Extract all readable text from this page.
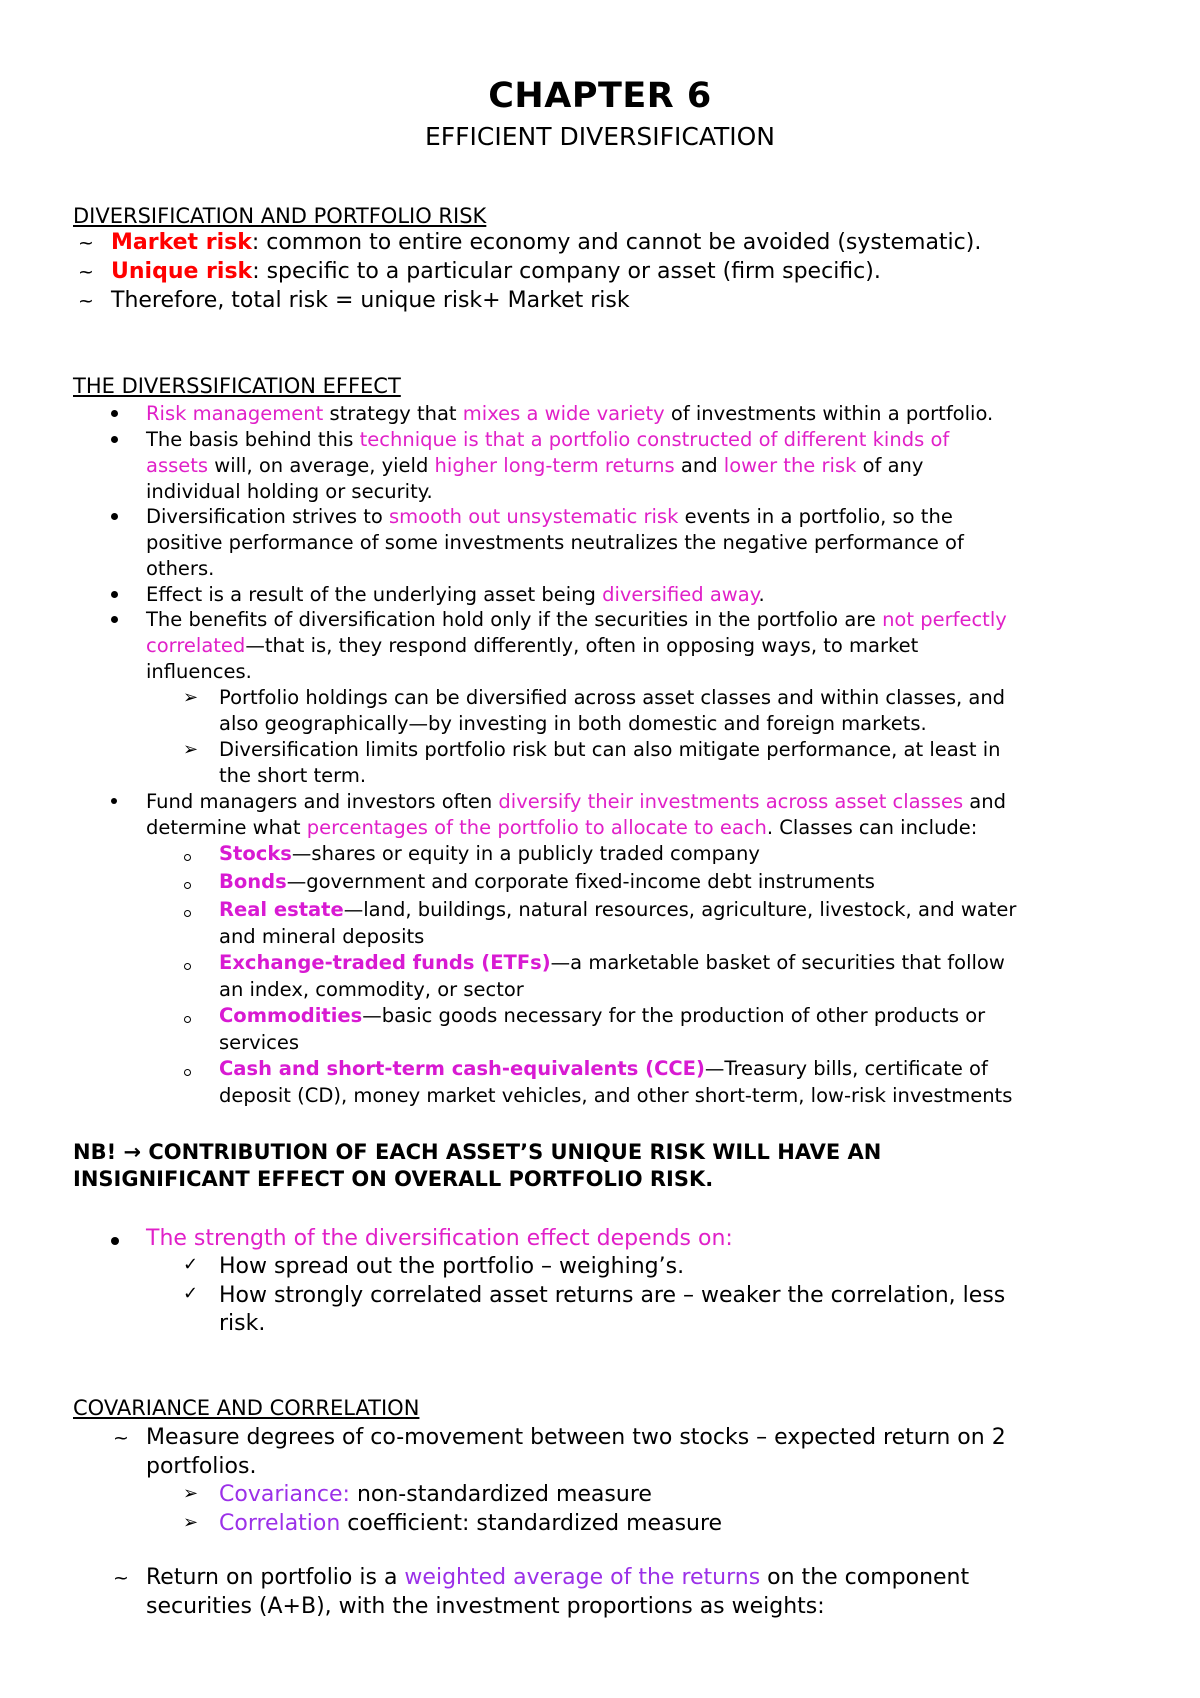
CHAPTER 6
EFFICIENT DIVERSIFICATION
DIVERSIFICATION AND PORTFOLIO RISK
~ Market risk: common to entire economy and cannot be avoided (systematic).
~ Unique risk: specific to a particular company or asset (firm specific).
~ Therefore, total risk = unique risk+ Market risk
THE DIVERSSIFICATION EFFECT
Risk management strategy that mixes a wide variety of investments within a portfolio.
The basis behind this technique is that a portfolio constructed of different kinds of
assets will, on average, yield higher long-term returns and lower the risk of any
individual holding or security.
Diversification strives to smooth out unsystematic risk events in a portfolio, so the
positive performance of some investments neutralizes the negative performance of
others.
Effect is a result of the underlying asset being diversified away.
The benefits of diversification hold only if the securities in the portfolio are not perfectly
correlated—that is, they respond differently, often in opposing ways, to market
influences.
➢ Portfolio holdings can be diversified across asset classes and within classes, and
also geographically—by investing in both domestic and foreign markets.
➢ Diversification limits portfolio risk but can also mitigate performance, at least in
the short term.
Fund managers and investors often diversify their investments across asset classes and
determine what percentages of the portfolio to allocate to each. Classes can include:
Stocks—shares or equity in a publicly traded company
Bonds—government and corporate fixed-income debt instruments
Real estate—land, buildings, natural resources, agriculture, livestock, and water
and mineral deposits
Exchange-traded funds (ETFs)—a marketable basket of securities that follow
an index, commodity, or sector
Commodities—basic goods necessary for the production of other products or
services
Cash and short-term cash-equivalents (CCE)—Treasury bills, certificate of
deposit (CD), money market vehicles, and other short-term, low-risk investments
NB! → CONTRIBUTION OF EACH ASSET’S UNIQUE RISK WILL HAVE AN
INSIGNIFICANT EFFECT ON OVERALL PORTFOLIO RISK.
The strength of the diversification effect depends on:
✓ How spread out the portfolio – weighing’s.
✓ How strongly correlated asset returns are – weaker the correlation, less
risk.
COVARIANCE AND CORRELATION
~ Measure degrees of co-movement between two stocks – expected return on 2
portfolios.
➢ Covariance: non-standardized measure
➢ Correlation coefficient: standardized measure
~ Return on portfolio is a weighted average of the returns on the component
securities (A+B), with the investment proportions as weights:
